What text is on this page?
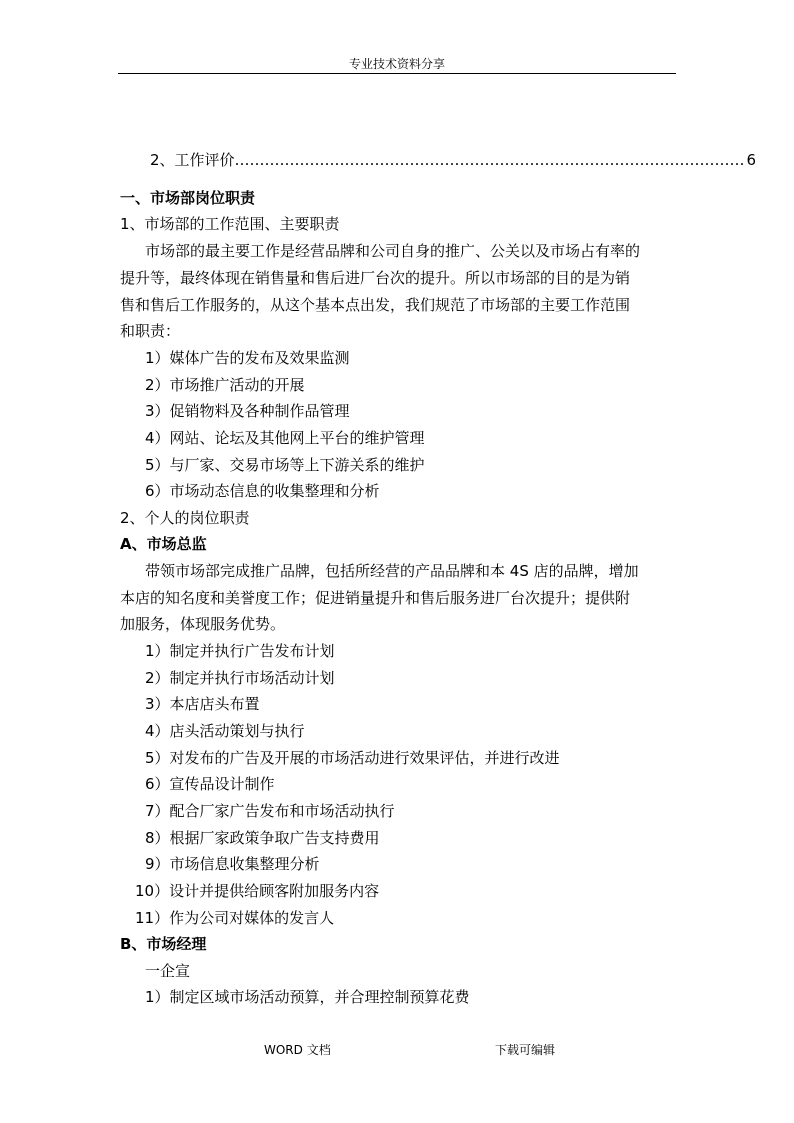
专业技术资料分享
2、工作评价 ………………………………………………………………………………………… 6
一、市场部岗位职责
1、市场部的工作范围、主要职责
市场部的最主要工作是经营品牌和公司自身的推广、公关以及市场占有率的
提升等，最终体现在销售量和售后进厂台次的提升。所以市场部的目的是为销
售和售后工作服务的，从这个基本点出发，我们规范了市场部的主要工作范围
和职责：
1）媒体广告的发布及效果监测
2）市场推广活动的开展
3）促销物料及各种制作品管理
4）网站、论坛及其他网上平台的维护管理
5）与厂家、交易市场等上下游关系的维护
6）市场动态信息的收集整理和分析
2、个人的岗位职责
A、市场总监
带领市场部完成推广品牌，包括所经营的产品品牌和本 4S 店的品牌，增加
本店的知名度和美誉度工作；促进销量提升和售后服务进厂台次提升；提供附
加服务，体现服务优势。
1）制定并执行广告发布计划
2）制定并执行市场活动计划
3）本店店头布置
4）店头活动策划与执行
5）对发布的广告及开展的市场活动进行效果评估，并进行改进
6）宣传品设计制作
7）配合厂家广告发布和市场活动执行
8）根据厂家政策争取广告支持费用
9）市场信息收集整理分析
10）设计并提供给顾客附加服务内容
11）作为公司对媒体的发言人
B、市场经理
一企宣
1）制定区域市场活动预算，并合理控制预算花费
WORD 文档	下载可编辑
